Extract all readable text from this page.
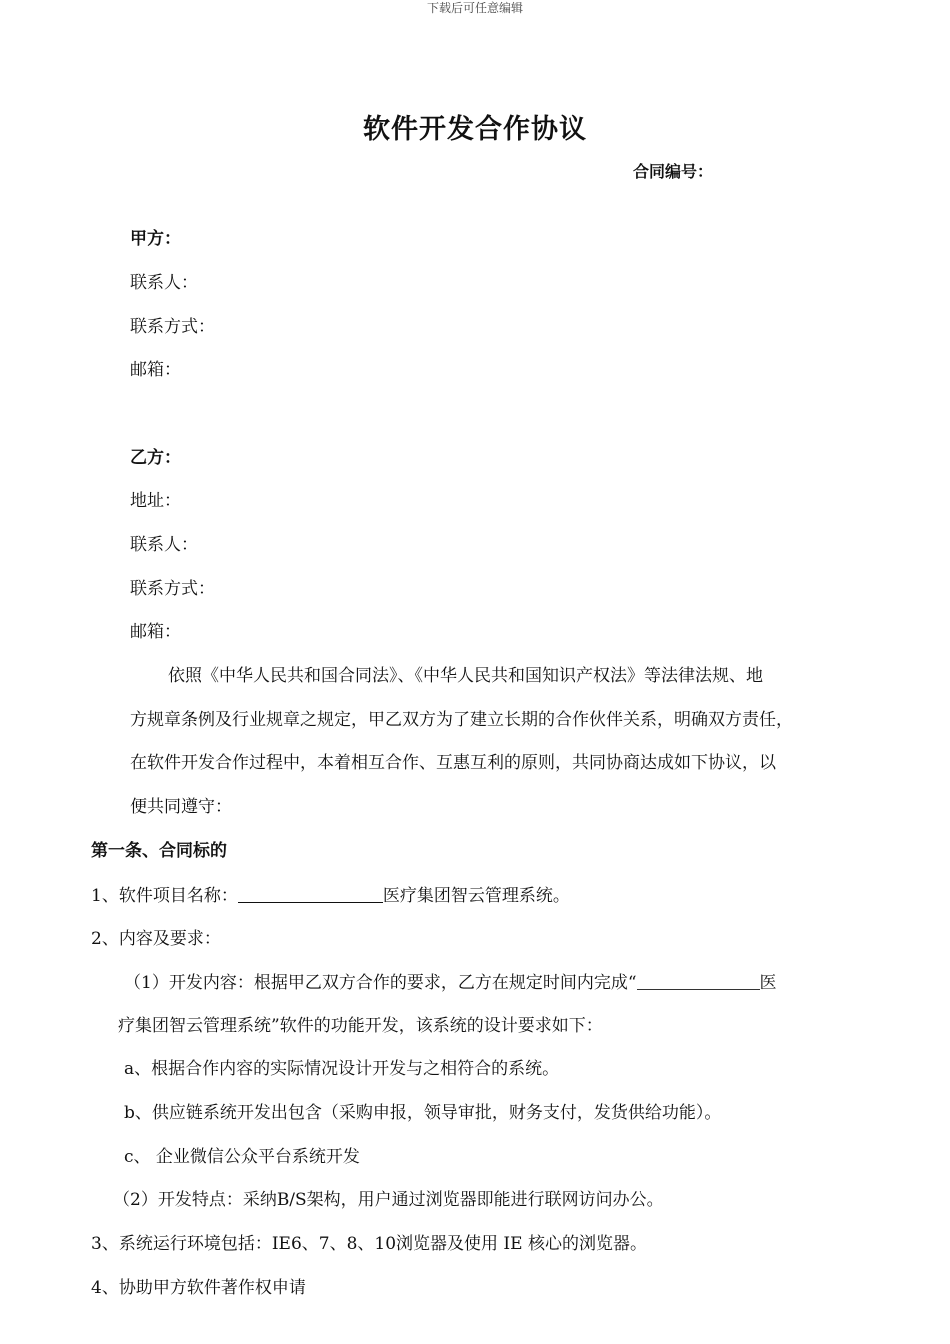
下载后可任意编辑
软件开发合作协议
合同编号：
甲方：
联系人：
联系方式：
邮箱：
乙方：
地址：
联系人：
联系方式：
邮箱：
依照《中华人民共和国合同法》、《中华人民共和国知识产权法》等法律法规、地
方规章条例及行业规章之规定，甲乙双方为了建立长期的合作伙伴关系，明确双方责任，
在软件开发合作过程中，本着相互合作、互惠互利的原则，共同协商达成如下协议，以
便共同遵守：
第一条、合同标的
1、软件项目名称：	医疗集团智云管理系统。
2、内容及要求：
（1）开发内容：根据甲乙双方合作的要求，乙方在规定时间内完成“	医
疗集团智云管理系统”软件的功能开发，该系统的设计要求如下：
a、根据合作内容的实际情况设计开发与之相符合的系统。
b、供应链系统开发出包含（采购申报，领导审批，财务支付，发货供给功能）。
c、 企业微信公众平台系统开发
（2）开发特点：采纳B/S架构，用户通过浏览器即能进行联网访问办公。
3、系统运行环境包括：IE6、7、8、10浏览器及使用 IE 核心的浏览器。
4、协助甲方软件著作权申请
